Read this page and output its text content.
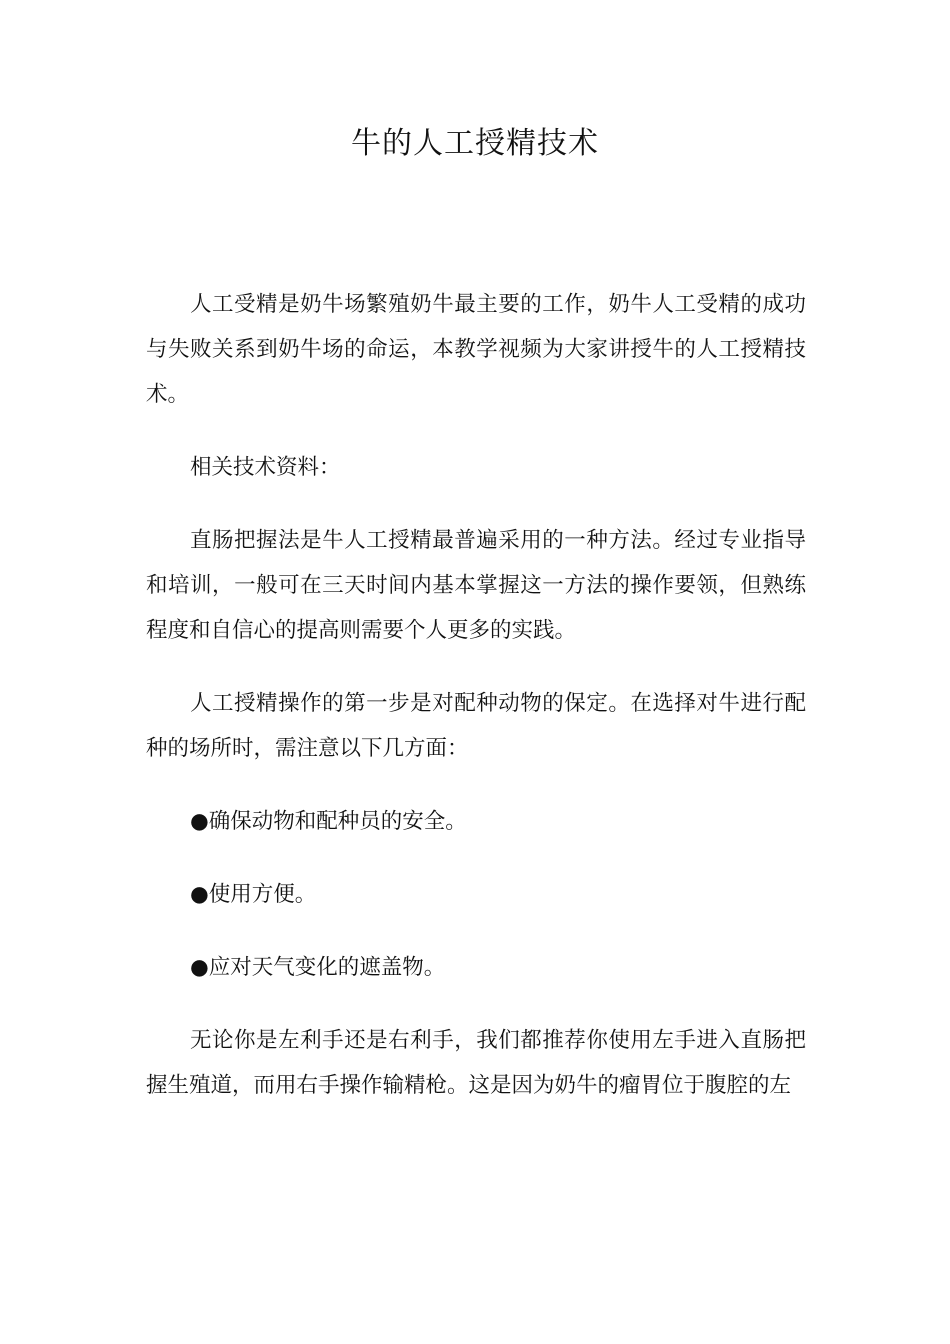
牛的人工授精技术

人工受精是奶牛场繁殖奶牛最主要的工作，奶牛人工受精的成功与失败关系到奶牛场的命运，本教学视频为大家讲授牛的人工授精技术。

相关技术资料：

直肠把握法是牛人工授精最普遍采用的一种方法。经过专业指导和培训，一般可在三天时间内基本掌握这一方法的操作要领，但熟练程度和自信心的提高则需要个人更多的实践。

人工授精操作的第一步是对配种动物的保定。在选择对牛进行配种的场所时，需注意以下几方面：

●确保动物和配种员的安全。

●使用方便。

●应对天气变化的遮盖物。

无论你是左利手还是右利手，我们都推荐你使用左手进入直肠把握生殖道，而用右手操作输精枪。这是因为奶牛的瘤胃位于腹腔的左
